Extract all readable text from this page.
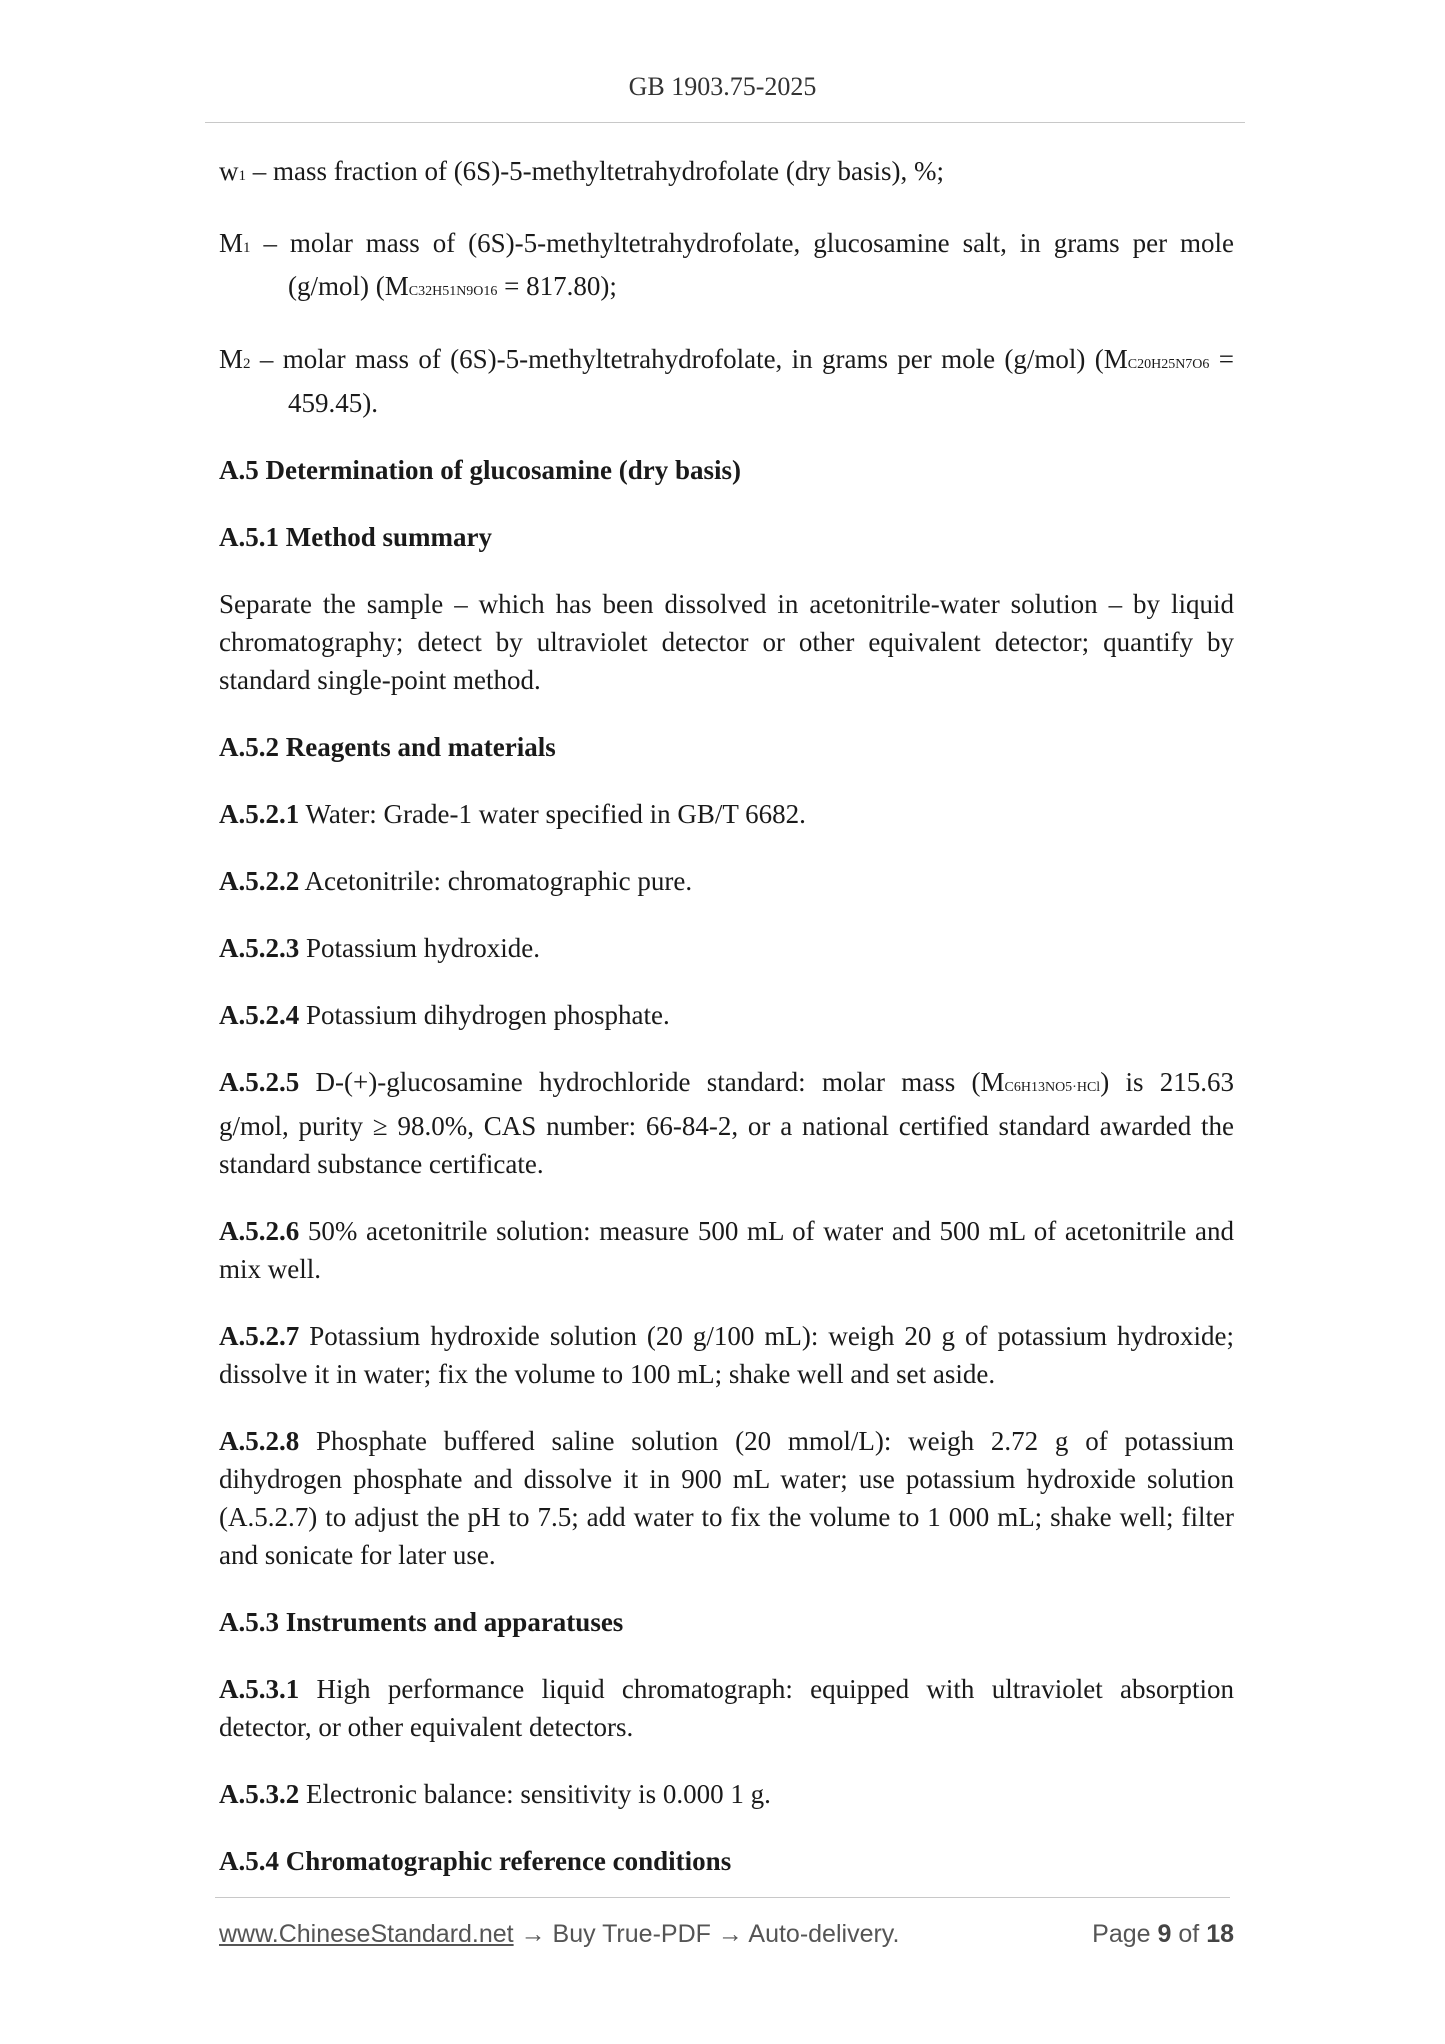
GB 1903.75-2025

w1 – mass fraction of (6S)-5-methyltetrahydrofolate (dry basis), %;

M1 – molar mass of (6S)-5-methyltetrahydrofolate, glucosamine salt, in grams per mole (g/mol) (MC32H51N9O16 = 817.80);

M2 – molar mass of (6S)-5-methyltetrahydrofolate, in grams per mole (g/mol) (MC20H25N7O6 = 459.45).

A.5 Determination of glucosamine (dry basis)

A.5.1 Method summary

Separate the sample – which has been dissolved in acetonitrile-water solution – by liquid chromatography; detect by ultraviolet detector or other equivalent detector; quantify by standard single-point method.

A.5.2 Reagents and materials

A.5.2.1 Water: Grade-1 water specified in GB/T 6682.

A.5.2.2 Acetonitrile: chromatographic pure.

A.5.2.3 Potassium hydroxide.

A.5.2.4 Potassium dihydrogen phosphate.

A.5.2.5 D-(+)-glucosamine hydrochloride standard: molar mass (MC6H13NO5·HCl) is 215.63 g/mol, purity ≥ 98.0%, CAS number: 66-84-2, or a national certified standard awarded the standard substance certificate.

A.5.2.6 50% acetonitrile solution: measure 500 mL of water and 500 mL of acetonitrile and mix well.

A.5.2.7 Potassium hydroxide solution (20 g/100 mL): weigh 20 g of potassium hydroxide; dissolve it in water; fix the volume to 100 mL; shake well and set aside.

A.5.2.8 Phosphate buffered saline solution (20 mmol/L): weigh 2.72 g of potassium dihydrogen phosphate and dissolve it in 900 mL water; use potassium hydroxide solution (A.5.2.7) to adjust the pH to 7.5; add water to fix the volume to 1 000 mL; shake well; filter and sonicate for later use.

A.5.3 Instruments and apparatuses

A.5.3.1 High performance liquid chromatograph: equipped with ultraviolet absorption detector, or other equivalent detectors.

A.5.3.2 Electronic balance: sensitivity is 0.000 1 g.

A.5.4 Chromatographic reference conditions

www.ChineseStandard.net → Buy True-PDF → Auto-delivery.	Page 9 of 18
